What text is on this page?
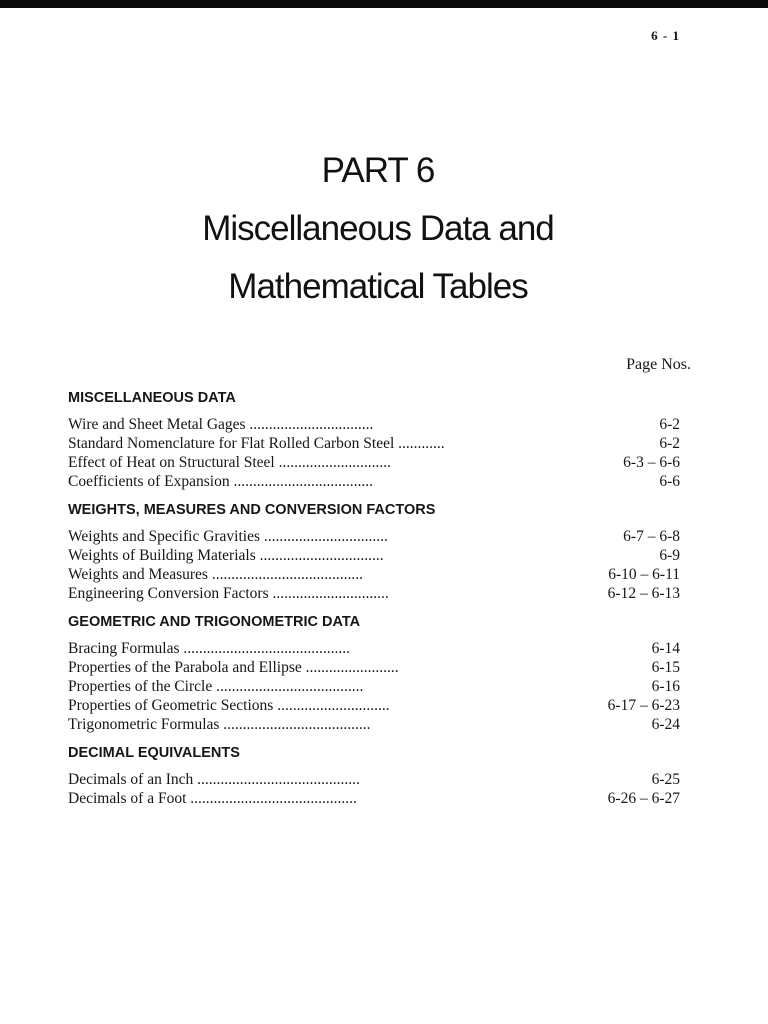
6 - 1
PART 6
Miscellaneous Data and
Mathematical Tables
Page Nos.
MISCELLANEOUS DATA
Wire and Sheet Metal Gages ................................	6-2
Standard Nomenclature for Flat Rolled Carbon Steel ............	6-2
Effect of Heat on Structural Steel .............................	6-3 – 6-6
Coefficients of Expansion ....................................	6-6
WEIGHTS, MEASURES AND CONVERSION FACTORS
Weights and Specific Gravities ................................	6-7 – 6-8
Weights of Building Materials ................................	6-9
Weights and Measures .......................................	6-10 – 6-11
Engineering Conversion Factors ..............................	6-12 – 6-13
GEOMETRIC AND TRIGONOMETRIC DATA
Bracing Formulas ...........................................	6-14
Properties of the Parabola and Ellipse ........................	6-15
Properties of the Circle ......................................	6-16
Properties of Geometric Sections .............................	6-17 – 6-23
Trigonometric Formulas ......................................	6-24
DECIMAL EQUIVALENTS
Decimals of an Inch ..........................................	6-25
Decimals of a Foot ...........................................	6-26 – 6-27
